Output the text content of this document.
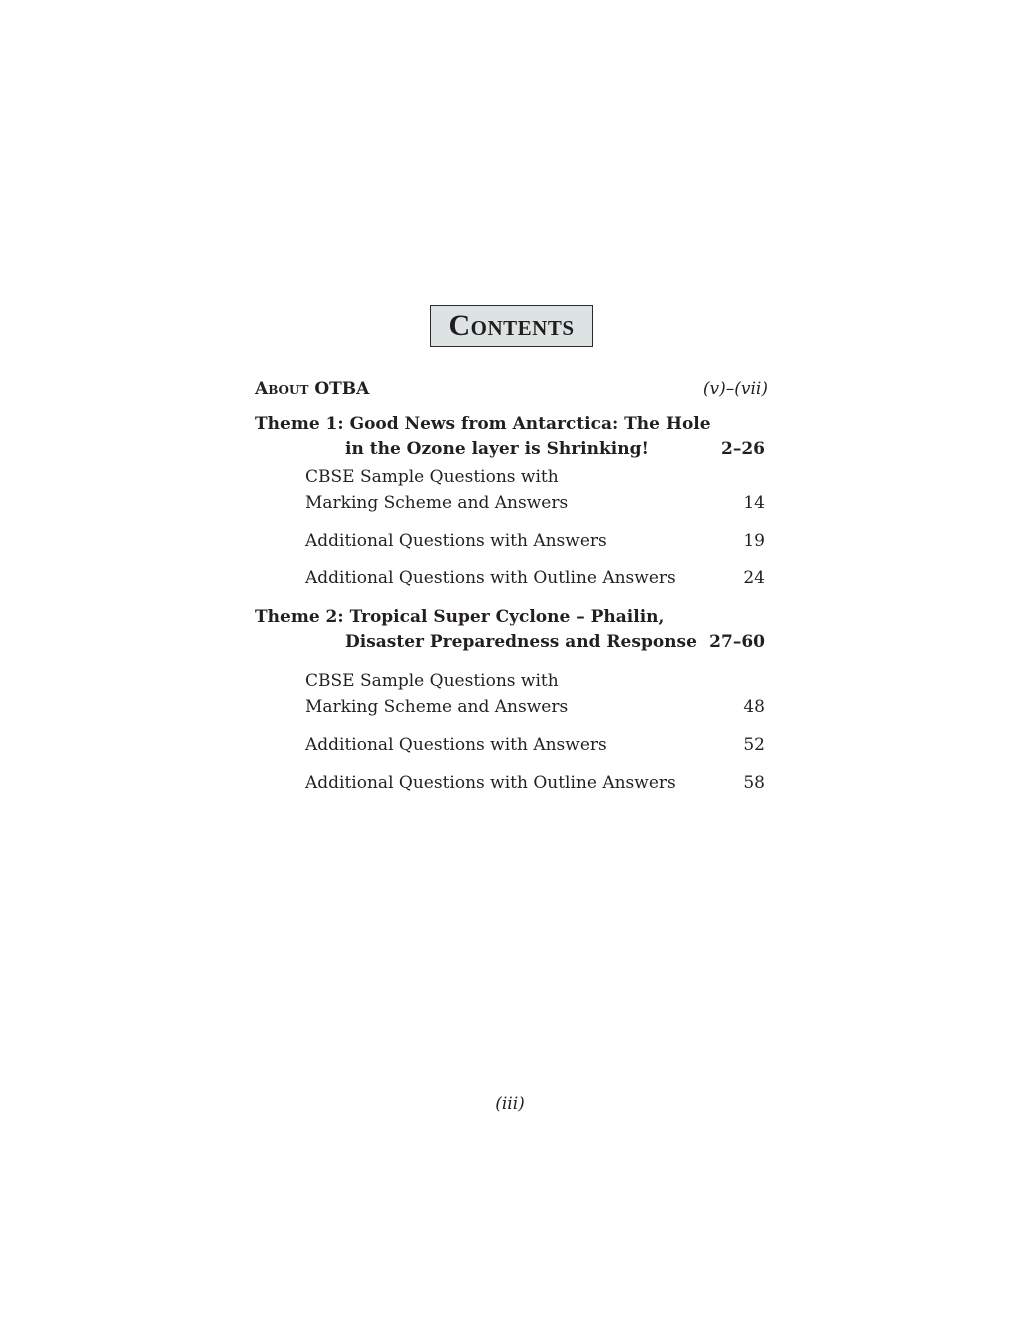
Contents
About OTBA	(v)–(vii)
Theme 1: Good News from Antarctica: The Hole
in the Ozone layer is Shrinking!	2–26
CBSE Sample Questions with
Marking Scheme and Answers	14
Additional Questions with Answers	19
Additional Questions with Outline Answers	24
Theme 2: Tropical Super Cyclone – Phailin,
Disaster Preparedness and Response 27–60
CBSE Sample Questions with
Marking Scheme and Answers	48
Additional Questions with Answers	52
Additional Questions with Outline Answers	58
(iii)
